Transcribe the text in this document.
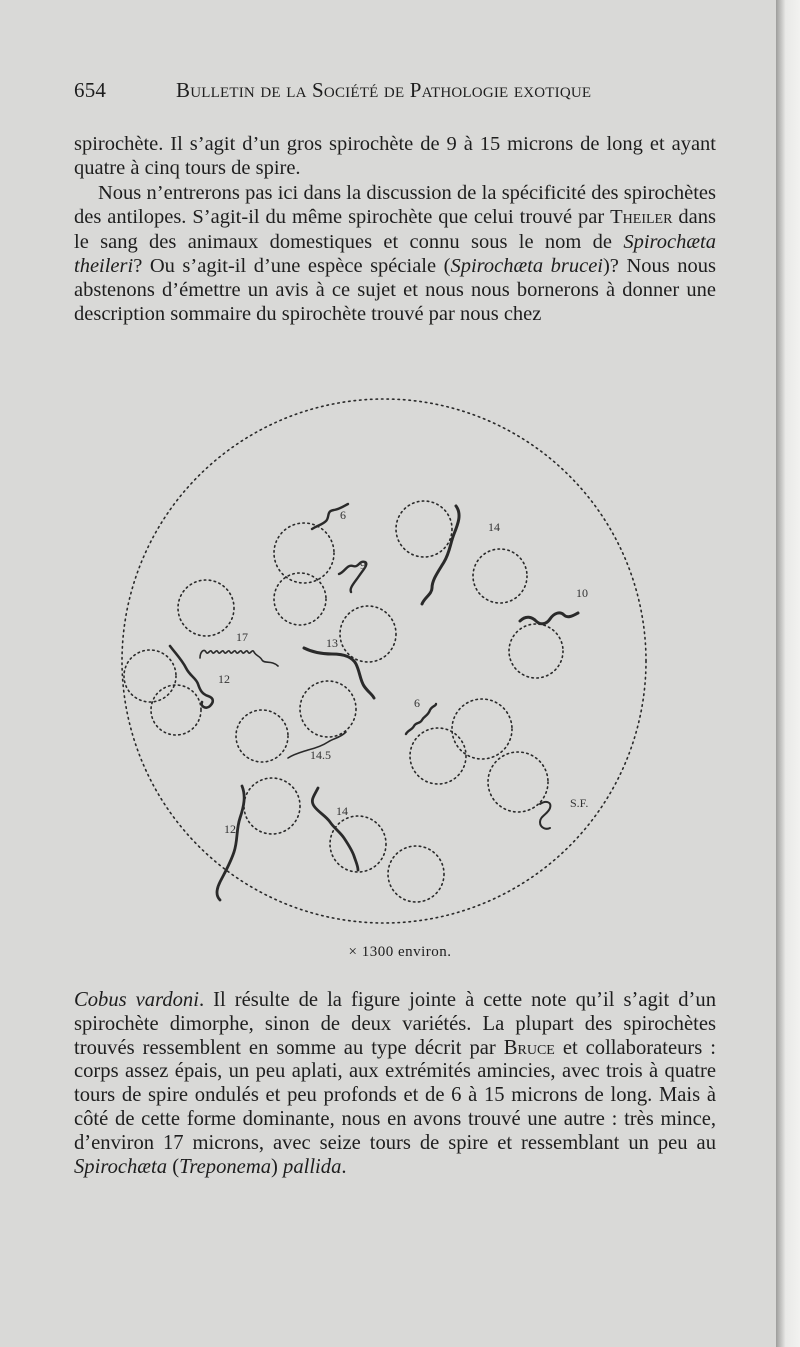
654	Bulletin de la Société de Pathologie exotique
spirochète. Il s’agit d’un gros spirochète de 9 à 15 microns de long et ayant quatre à cinq tours de spire.
Nous n’entrerons pas ici dans la discussion de la spécificité des spirochètes des antilopes. S’agit-il du même spirochète que celui trouvé par Theiler dans le sang des animaux domestiques et connu sous le nom de Spirochæta theileri? Ou s’agit-il d’une espèce spéciale (Spirochæta brucei)? Nous nous abstenons d’émettre un avis à ce sujet et nous nous bornerons à donner une description sommaire du spirochète trouvé par nous chez
6
9
14
10
17	13
12
6
14.5
12
14
S.F.
× 1300 environ.
Cobus vardoni. Il résulte de la figure jointe à cette note qu’il s’agit d’un spirochète dimorphe, sinon de deux variétés. La plupart des spirochètes trouvés ressemblent en somme au type décrit par Bruce et collaborateurs : corps assez épais, un peu aplati, aux extrémités amincies, avec trois à quatre tours de spire ondulés et peu profonds et de 6 à 15 microns de long. Mais à côté de cette forme dominante, nous en avons trouvé une autre : très mince, d’environ 17 microns, avec seize tours de spire et ressemblant un peu au Spirochæta (Treponema) pallida.
